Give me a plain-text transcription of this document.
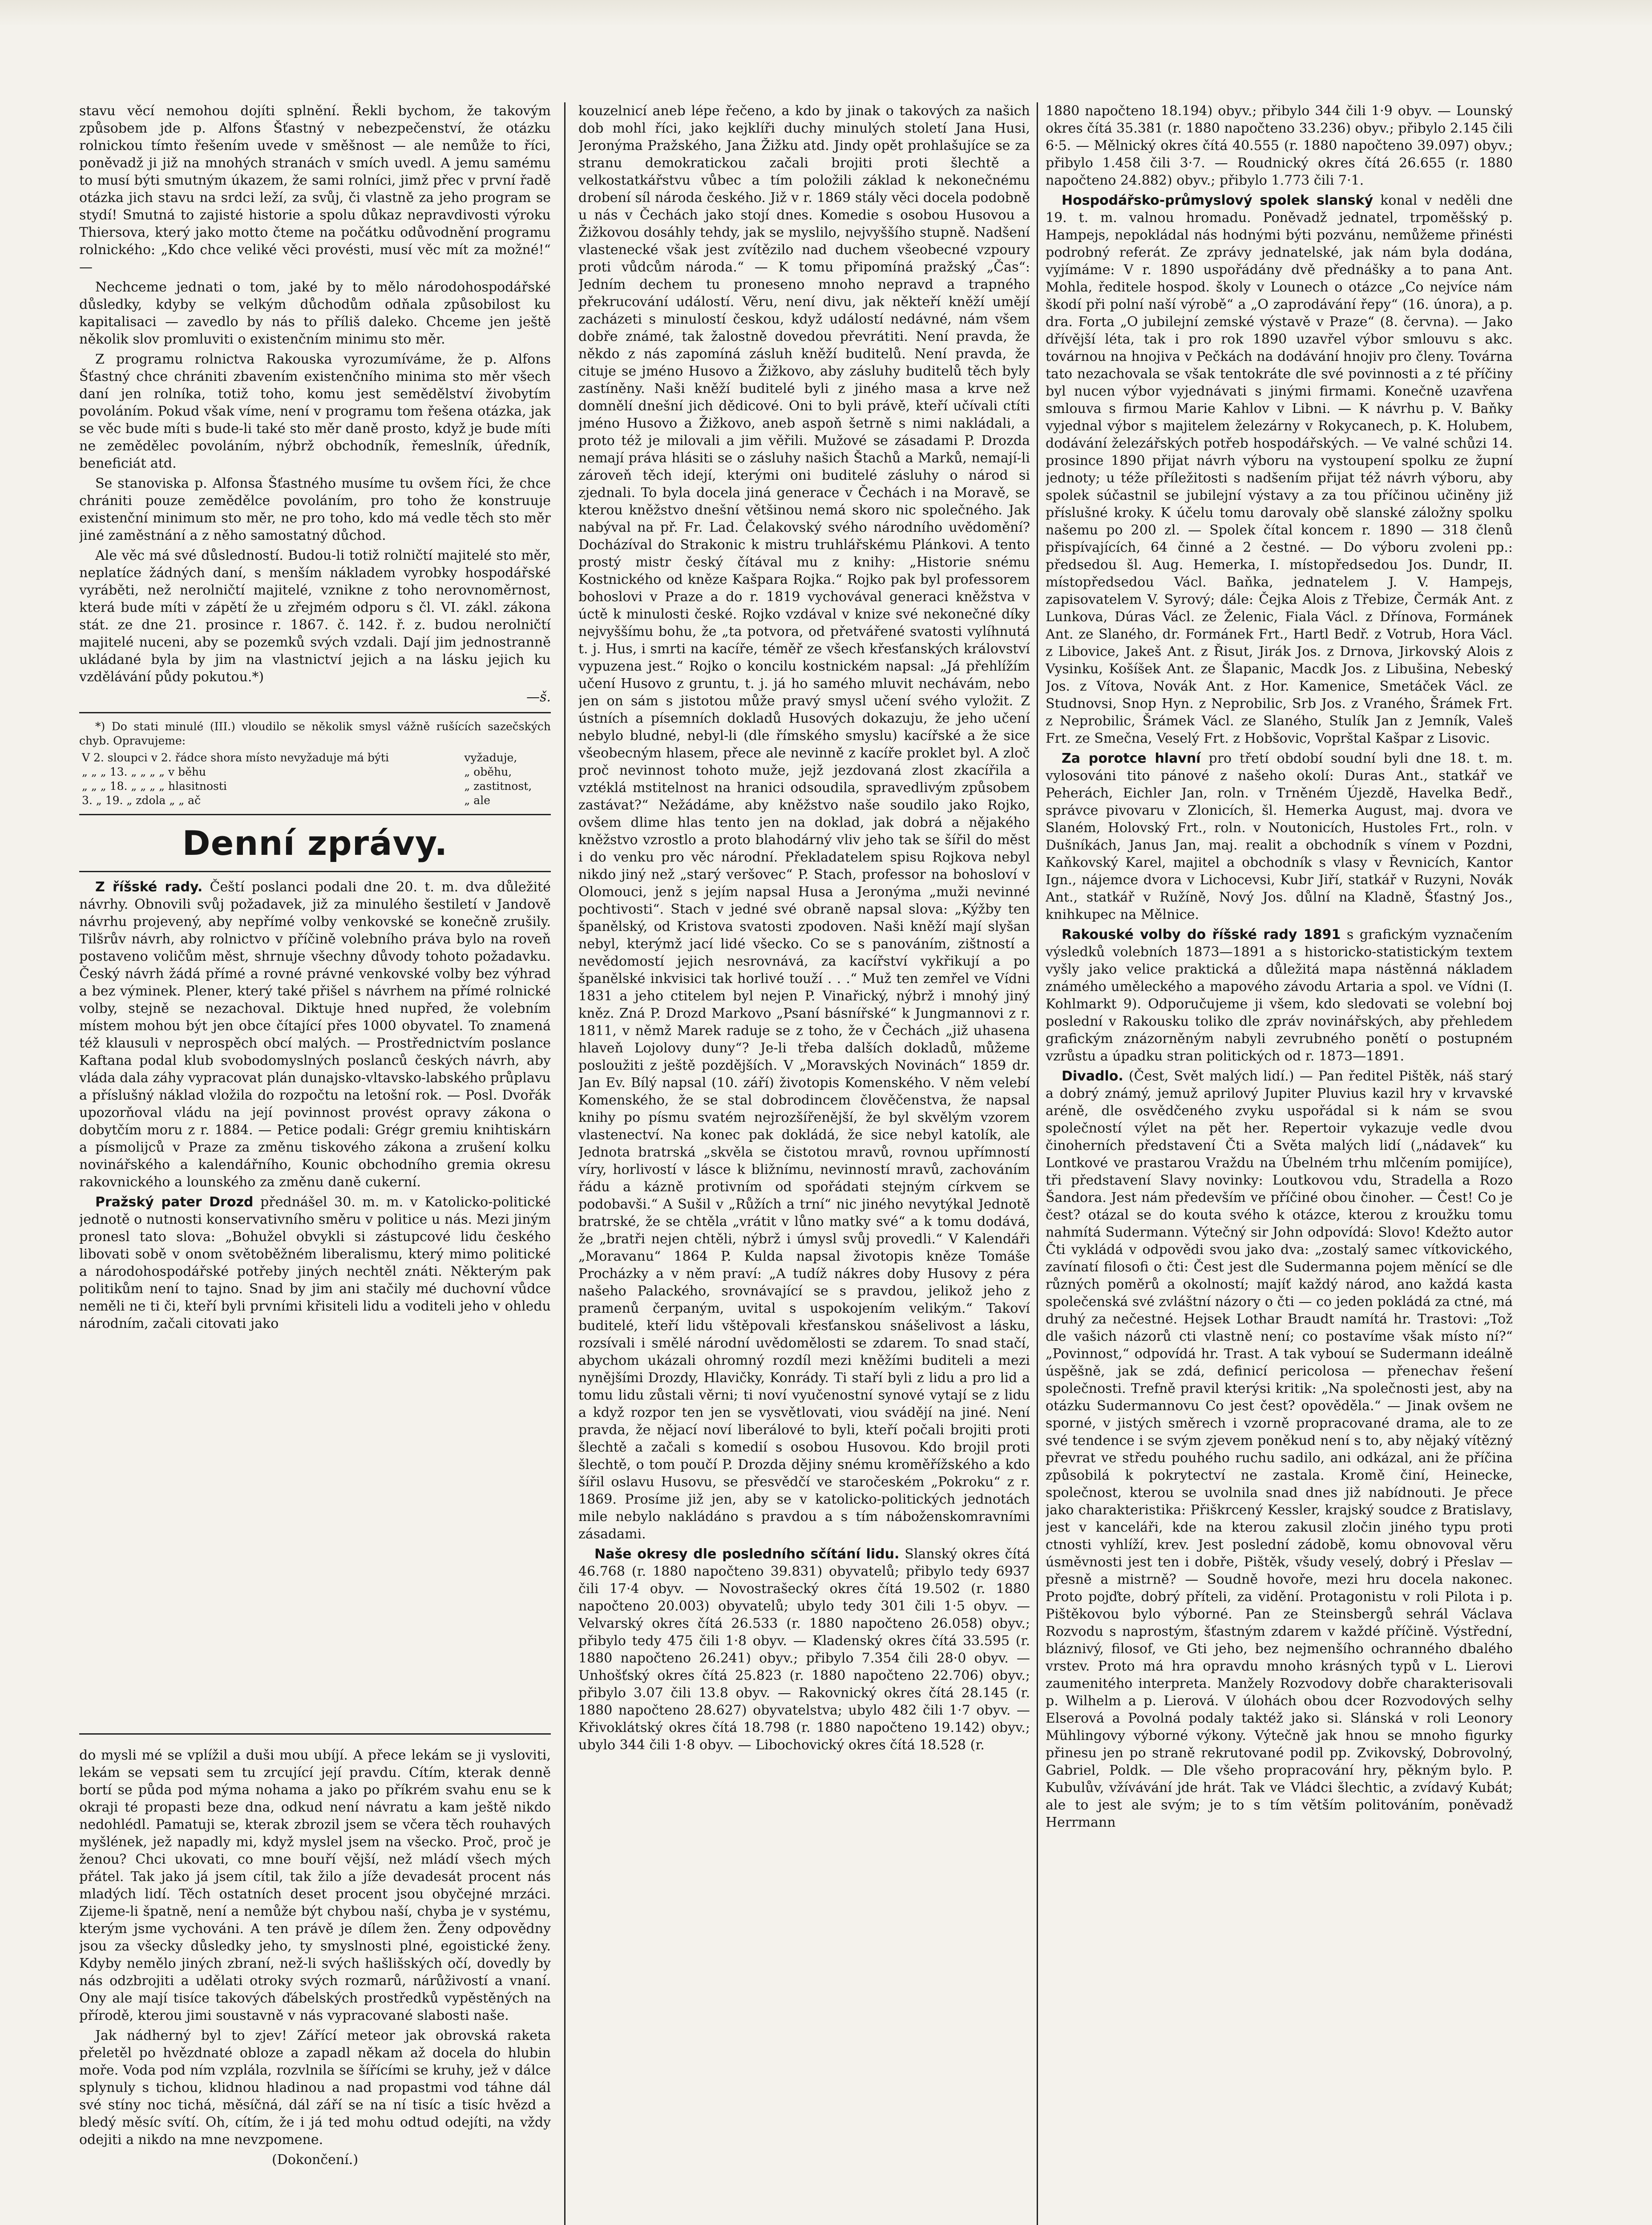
stavu věcí nemohou dojíti splnění. Řekli bychom, že takovým způsobem jde p. Alfons Šťastný v nebezpečenství, že otázku rolnickou tímto řešením uvede v směšnost — ale nemůže to říci, poněvadž ji již na mnohých stranách v smích uvedl. A jemu samému to musí býti smutným úkazem, že sami rolníci, jimž přec v první řadě otázka jich stavu na srdci leží, za svůj, či vlastně za jeho program se stydí! Smutná to zajisté historie a spolu důkaz nepravdivosti výroku Thiersova, který jako motto čteme na počátku odůvodnění programu rolnického: „Kdo chce veliké věci provésti, musí věc mít za možné!“ —

Nechceme jednati o tom, jaké by to mělo národohospodářské důsledky, kdyby se velkým důchodům odňala způsobilost ku kapitalisaci — zavedlo by nás to příliš daleko. Chceme jen ještě několik slov promluviti o existenčním minimu sto měr.

Z programu rolnictva Rakouska vyrozumíváme, že p. Alfons Šťastný chce chrániti zbavením existenčního minima sto měr všech daní jen rolníka, totiž toho, komu jest semědělství živobytím povoláním. Pokud však víme, není v programu tom řešena otázka, jak se věc bude míti s bude-li také sto měr daně prosto, když je bude míti ne zemědělec povoláním, nýbrž obchodník, řemeslník, úředník, beneficiát atd.

Se stanoviska p. Alfonsa Šťastného musíme tu ovšem říci, že chce chrániti pouze zemědělce povoláním, pro toho že konstruuje existenční minimum sto měr, ne pro toho, kdo má vedle těch sto měr jiné zaměstnání a z něho samostatný důchod.

Ale věc má své důsledností. Budou-li totiž rolničtí majitelé sto měr, neplatíce žádných daní, s menším nákladem vyrobky hospodářské vyráběti, než nerolničtí majitelé, vznikne z toho nerovnoměrnost, která bude míti v zápětí že u zřejmém odporu s čl. VI. zákl. zákona stát. ze dne 21. prosince r. 1867. č. 142. ř. z. budou nerolničtí majitelé nuceni, aby se pozemků svých vzdali. Dají jim jednostranně ukládané byla by jim na vlastnictví jejich a na lásku jejich ku vzdělávání půdy pokutou.*)

—š.

*) Do stati minulé (III.) vloudilo se několik smysl vážně rušících sazečských chyb. Opravujeme:

V 2. sloupci v 2. řádce shora místo nevyžaduje má býti	vyžaduje,
„ „ „ 13. „ „ „ „ v běhu	„ oběhu,
„ „ „ 18. „ „ „ „ hlasitnosti	„ zastitnost,
3. „ 19. „ zdola „ „ ač	„ ale
Denní zprávy.

Z říšské rady. Čeští poslanci podali dne 20. t. m. dva důležité návrhy. Obnovili svůj požadavek, již za minulého šestiletí v Jandově návrhu projevený, aby nepřímé volby venkovské se konečně zrušily. Tilšrův návrh, aby rolnictvo v příčině volebního práva bylo na roveň postaveno voličům měst, shrnuje všechny důvody tohoto požadavku. Český návrh žádá přímé a rovné právné venkovské volby bez výhrad a bez výminek. Plener, který také přišel s návrhem na přímé rolnické volby, stejně se nezachoval. Diktuje hned nupřed, že volebním místem mohou být jen obce čítající přes 1000 obyvatel. To znamená též klausuli v neprospěch obcí malých. — Prostřednictvím poslance Kaftana podal klub svobodomyslných poslanců českých návrh, aby vláda dala záhy vypracovat plán dunajsko-vltavsko-labského průplavu a příslušný náklad vložila do rozpočtu na letošní rok. — Posl. Dvořák upozorňoval vládu na její povinnost provést opravy zákona o dobytčím moru z r. 1884. — Petice podali: Grégr gremiu knihtiskárn a písmolijců v Praze za změnu tiskového zákona a zrušení kolku novinářského a kalendářního, Kounic obchodního gremia okresu rakovnického a lounského za změnu daně cukerní.

Pražský pater Drozd přednášel 30. m. m. v Katolicko-politické jednotě o nutnosti konservativního směru v politice u nás. Mezi jiným pronesl tato slova: „Bohužel obvykli si zástupcové lidu českého libovati sobě v onom světoběžném liberalismu, který mimo politické a národohospodářské potřeby jiných nechtěl znáti. Některým pak politikům není to tajno. Snad by jim ani stačily mé duchovní vůdce neměli ne ti či, kteří byli prvními křisiteli lidu a voditeli jeho v ohledu národním, začali citovati jako

do mysli mé se vplížil a duši mou ubíjí. A přece lekám se ji vysloviti, lekám se vepsati sem tu zrcující její pravdu. Cítím, kterak denně bortí se půda pod mýma nohama a jako po příkrém svahu enu se k okraji té propasti beze dna, odkud není návratu a kam ještě nikdo nedohlédl. Pamatuji se, kterak zbrozil jsem se včera těch rouhavých myšlének, jež napadly mi, když myslel jsem na všecko. Proč, proč je ženou? Chci ukovati, co mne bouří vější, než mládí všech mých přátel. Tak jako já jsem cítil, tak žilo a jíže devadesát procent nás mladých lidí. Těch ostatních deset procent jsou obyčejné mrzáci. Zijeme-li špatně, není a nemůže být chybou naší, chyba je v systému, kterým jsme vychováni. A ten právě je dílem žen. Ženy odpovědny jsou za všecky důsledky jeho, ty smyslnosti plné, egoistické ženy. Kdyby nemělo jiných zbraní, než-li svých hašlišských očí, dovedly by nás odzbrojiti a udělati otroky svých rozmarů, nárůživostí a vnaní. Ony ale mají tisíce takových ďábelských prostředků vypěstěných na přírodě, kterou jimi soustavně v nás vypracované slabosti naše.

Jak nádherný byl to zjev! Zářící meteor jak obrovská raketa přeletěl po hvězdnaté obloze a zapadl někam až docela do hlubin moře. Voda pod ním vzplála, rozvlnila se šířícími se kruhy, jež v dálce splynuly s tichou, klidnou hladinou a nad propastmi vod táhne dál své stíny noc tichá, měsíčná, dál září se na ní tisíc a tisíc hvězd a bledý měsíc svítí. Oh, cítím, že i já ted mohu odtud odejíti, na vždy odejiti a nikdo na mne nevzpomene.

(Dokončení.)

kouzelnicí aneb lépe řečeno, a kdo by jinak o takových za našich dob mohl říci, jako kejklíři duchy minulých století Jana Husi, Jeronýma Pražského, Jana Žižku atd. Jindy opět prohlašujíce se za stranu demokratickou začali brojiti proti šlechtě a velkostatkářstvu vůbec a tím položili základ k nekonečnému drobení síl národa českého. Již v r. 1869 stály věci docela podobně u nás v Čechách jako stojí dnes. Komedie s osobou Husovou a Žižkovou dosáhly tehdy, jak se myslilo, nejvyššího stupně. Nadšení vlastenecké však jest zvítězilo nad duchem všeobecné vzpoury proti vůdcům národa.“ — K tomu připomíná pražský „Čas“: Jedním dechem tu proneseno mnoho nepravd a trapného překrucování událostí. Věru, není divu, jak někteří kněží umějí zacházeti s minulostí českou, když událostí nedávné, nám všem dobře známé, tak žalostně dovedou převrátiti. Není pravda, že někdo z nás zapomíná zásluh kněží buditelů. Není pravda, že cituje se jméno Husovo a Žižkovo, aby zásluhy buditelů těch byly zastíněny. Naši kněží buditelé byli z jiného masa a krve než domnělí dnešní jich dědicové. Oni to byli právě, kteří učívali ctíti jméno Husovo a Žižkovo, aneb aspoň šetrně s nimi nakládali, a proto též je milovali a jim věřili. Mužové se zásadami P. Drozda nemají práva hlásiti se o zásluhy našich Štachů a Marků, nemají-li zároveň těch idejí, kterými oni buditelé zásluhy o národ si zjednali. To byla docela jiná generace v Čechách i na Moravě, se kterou kněžstvo dnešní většinou nemá skoro nic společného. Jak nabýval na př. Fr. Lad. Čelakovský svého národního uvědomění? Docházíval do Strakonic k mistru truhlářskému Plánkovi. A tento prostý mistr český čítával mu z knihy: „Historie snému Kostnického od kněze Kašpara Rojka.“ Rojko pak byl professorem bohoslovi v Praze a do r. 1819 vychovával generaci kněžstva v úctě k minulosti české. Rojko vzdával v knize své nekonečné díky nejvyššímu bohu, že „ta potvora, od přetvářené svatosti vylíhnutá t. j. Hus, i smrti na kacíře, téměř ze všech křesťanských království vypuzena jest.“ Rojko o koncilu kostnickém napsal: „Já přehlížím učení Husovo z gruntu, t. j. já ho samého mluvit nechávám, nebo jen on sám s jistotou může pravý smysl učení svého vyložit. Z ústních a písemních dokladů Husových dokazuju, že jeho učení nebylo bludné, nebyl-li (dle římského smyslu) kacířské a že sice všeobecným hlasem, přece ale nevinně z kacíře proklet byl. A zloč proč nevinnost tohoto muže, jejž jezdovaná zlost zkacířila a vztéklá mstitelnost na hranici odsoudila, spravedlivým způsobem zastávat?“ Nežádáme, aby kněžstvo naše soudilo jako Rojko, ovšem dlime hlas tento jen na doklad, jak dobrá a nějakého kněžstvo vzrostlo a proto blahodárný vliv jeho tak se šířil do měst i do venku pro věc národní. Překladatelem spisu Rojkova nebyl nikdo jiný než „starý veršovec“ P. Stach, professor na bohosloví v Olomouci, jenž s jejím napsal Husa a Jeronýma „muži nevinné pochtivosti“. Stach v jedné své obraně napsal slova: „Kýžby ten španělský, od Kristova svatosti zpodoven. Naši kněží mají slyšan nebyl, kterýmž jací lidé všecko. Co se s panováním, zištností a nevědomostí jejich nesrovnává, za kacířství vykřikují a po španělské inkvisici tak horlivé touží . . .“ Muž ten zemřel ve Vídni 1831 a jeho ctitelem byl nejen P. Vinařický, nýbrž i mnohý jiný kněz. Zná P. Drozd Markovo „Psaní básnířské“ k Jungmannovi z r. 1811, v němž Marek raduje se z toho, že v Čechách „již uhasena hlaveň Lojolovy duny“? Je-li třeba dalších dokladů, můžeme posloužiti z ještě pozdějších. V „Moravských Novinách“ 1859 dr. Jan Ev. Bílý napsal (10. září) životopis Komenského. V něm velebí Komenského, že se stal dobrodincem člověčenstva, že napsal knihy po písmu svatém nejrozšířenější, že byl skvělým vzorem vlastenectví. Na konec pak dokládá, že sice nebyl katolík, ale Jednota bratrská „skvěla se čistotou mravů, rovnou upřímností víry, horlivostí v lásce k bližnímu, nevinností mravů, zachováním řádu a kázně protivním od spořádati stejným církvem se podobavši.“ A Sušil v „Růžích a trní“ nic jiného nevytýkal Jednotě bratrské, že se chtěla „vrátit v lůno matky své“ a k tomu dodává, že „bratři nejen chtěli, nýbrž i úmysl svůj provedli.“ V Kalendáři „Moravanu“ 1864 P. Kulda napsal životopis kněze Tomáše Procházky a v něm praví: „A tudíž nákres doby Husovy z péra našeho Palackého, srovnávající se s pravdou, jelikož jeho z pramenů čerpaným, uvital s uspokojením velikým.“ Takoví buditelé, kteří lidu vštěpovali křesťanskou snášelivost a lásku, rozsívali i smělé národní uvědomělosti se zdarem. To snad stačí, abychom ukázali ohromný rozdíl mezi kněžími buditeli a mezi nynějšími Drozdy, Hlavičky, Konrády. Ti staří byli z lidu a pro lid a tomu lidu zůstali věrni; ti noví vyučenostní synové vytají se z lidu a když rozpor ten jen se vysvětlovati, viou svádějí na jiné. Není pravda, že nějací noví liberálové to byli, kteří počali brojiti proti šlechtě a začali s komedií s osobou Husovou. Kdo brojil proti šlechtě, o tom poučí P. Drozda dějiny snému kroměřížského a kdo šířil oslavu Husovu, se přesvědčí ve staročeském „Pokroku“ z r. 1869. Prosíme již jen, aby se v katolicko-politických jednotách mile nebylo nakládáno s pravdou a s tím náboženskomravními zásadami.

Naše okresy dle posledního sčítání lidu. Slanský okres čítá 46.768 (r. 1880 napočteno 39.831) obyvatelů; přibylo tedy 6937 čili 17·4 obyv. — Novostrašecký okres čítá 19.502 (r. 1880 napočteno 20.003) obyvatelů; ubylo tedy 301 čili 1·5 obyv. — Velvarský okres čítá 26.533 (r. 1880 napočteno 26.058) obyv.; přibylo tedy 475 čili 1·8 obyv. — Kladenský okres čítá 33.595 (r. 1880 napočteno 26.241) obyv.; přibylo 7.354 čili 28·0 obyv. — Unhošťský okres čítá 25.823 (r. 1880 napočteno 22.706) obyv.; přibylo 3.07 čili 13.8 obyv. — Rakovnický okres čítá 28.145 (r. 1880 napočteno 28.627) obyvatelstva; ubylo 482 čili 1·7 obyv. — Křivoklátský okres čítá 18.798 (r. 1880 napočteno 19.142) obyv.; ubylo 344 čili 1·8 obyv. — Libochovický okres čítá 18.528 (r.

1880 napočteno 18.194) obyv.; přibylo 344 čili 1·9 obyv. — Lounský okres čítá 35.381 (r. 1880 napočteno 33.236) obyv.; přibylo 2.145 čili 6·5. — Mělnický okres čítá 40.555 (r. 1880 napočteno 39.097) obyv.; přibylo 1.458 čili 3·7. — Roudnický okres čítá 26.655 (r. 1880 napočteno 24.882) obyv.; přibylo 1.773 čili 7·1.

Hospodářsko-průmyslový spolek slanský konal v neděli dne 19. t. m. valnou hromadu. Poněvadž jednatel, trpoměšský p. Hampejs, nepokládal nás hodnými býti pozvánu, nemůžeme přinésti podrobný referát. Ze zprávy jednatelské, jak nám byla dodána, vyjímáme: V r. 1890 uspořádány dvě přednášky a to pana Ant. Mohla, ředitele hospod. školy v Lounech o otázce „Co nejvíce nám škodí při polní naší výrobě“ a „O zaprodávání řepy“ (16. února), a p. dra. Forta „O jubilejní zemské výstavě v Praze“ (8. června). — Jako dřívější léta, tak i pro rok 1890 uzavřel výbor smlouvu s akc. továrnou na hnojiva v Pečkách na dodávání hnojiv pro členy. Továrna tato nezachovala se však tentokráte dle své povinnosti a z té příčiny byl nucen výbor vyjednávati s jinými firmami. Konečně uzavřena smlouva s firmou Marie Kahlov v Libni. — K návrhu p. V. Baňky vyjednal výbor s majitelem železárny v Rokycanech, p. K. Holubem, dodávání železářských potřeb hospodářských. — Ve valné schůzi 14. prosince 1890 přijat návrh výboru na vystoupení spolku ze župní jednoty; u téže příležitosti s nadšením přijat též návrh výboru, aby spolek súčastnil se jubilejní výstavy a za tou příčinou učiněny již příslušné kroky. K účelu tomu darovaly obě slanské záložny spolku našemu po 200 zl. — Spolek čítal koncem r. 1890 — 318 členů přispívajících, 64 činné a 2 čestné. — Do výboru zvoleni pp.: předsedou šl. Aug. Hemerka, I. místopředsedou Jos. Dundr, II. místopředsedou Václ. Baňka, jednatelem J. V. Hampejs, zapisovatelem V. Syrový; dále: Čejka Alois z Třebize, Čermák Ant. z Lunkova, Dúras Václ. ze Želenic, Fiala Václ. z Dřínova, Formánek Ant. ze Slaného, dr. Formánek Frt., Hartl Bedř. z Votrub, Hora Václ. z Libovice, Jakeš Ant. z Řisut, Jirák Jos. z Drnova, Jirkovský Alois z Vysinku, Košíšek Ant. ze Šlapanic, Macdk Jos. z Libušina, Nebeský Jos. z Vítova, Novák Ant. z Hor. Kamenice, Smetáček Václ. ze Studnovsi, Snop Hyn. z Neprobilic, Srb Jos. z Vraného, Šrámek Frt. z Neprobilic, Šrámek Václ. ze Slaného, Stulík Jan z Jemník, Valeš Frt. ze Smečna, Veselý Frt. z Hobšovic, Voprštal Kašpar z Lisovic.

Za porotce hlavní pro třetí období soudní byli dne 18. t. m. vylosováni tito pánové z našeho okolí: Duras Ant., statkář ve Peherách, Eichler Jan, roln. v Trněném Újezdě, Havelka Bedř., správce pivovaru v Zlonicích, šl. Hemerka August, maj. dvora ve Slaném, Holovský Frt., roln. v Noutonicích, Hustoles Frt., roln. v Dušníkách, Janus Jan, maj. realit a obchodník s vínem v Pozdni, Kaňkovský Karel, majitel a obchodník s vlasy v Řevnicích, Kantor Ign., nájemce dvora v Lichocevsi, Kubr Jiří, statkář v Ruzyni, Novák Ant., statkář v Ružíně, Nový Jos. důlní na Kladně, Šťastný Jos., knihkupec na Mělnice.

Rakouské volby do říšské rady 1891 s grafickým vyznačením výsledků volebních 1873—1891 a s historicko-statistickým textem vyšly jako velice praktická a důležitá mapa nástěnná nákladem známého uměleckého a mapového závodu Artaria a spol. ve Vídni (I. Kohlmarkt 9). Odporučujeme ji všem, kdo sledovati se volební boj poslední v Rakousku toliko dle zpráv novinářských, aby přehledem grafickým znázorněným nabyli zevrubného ponětí o postupném vzrůstu a úpadku stran politických od r. 1873—1891.

Divadlo. (Čest, Svět malých lidí.) — Pan ředitel Pištěk, náš starý a dobrý známý, jemuž aprilový Jupiter Pluvius kazil hry v krvavské aréně, dle osvědčeného zvyku uspořádal si k nám se svou společností výlet na pět her. Repertoir vykazuje vedle dvou činoherních představení Čti a Světa malých lidí („nádavek“ ku Lontkové ve prastarou Vraždu na Úbelném trhu mlčením pomijíce), tři představení Slavy novinky: Loutkovou vdu, Stradella a Rozo Šandora. Jest nám především ve příčiné obou činoher. — Čest! Co je čest? otázal se do kouta svého k otázce, kterou z kroužku tomu nahmítá Sudermann. Výtečný sir John odpovídá: Slovo! Kdežto autor Čti vykládá v odpovědi svou jako dva: „zostalý samec vítkovického, zavínatí filosofi o čti: Čest jest dle Sudermanna pojem měnící se dle různých poměrů a okolností; majíť každý národ, ano každá kasta společenská své zvláštní názory o čti — co jeden pokládá za ctné, má druhý za nečestné. Hejsek Lothar Braudt namítá hr. Trastovi: „Tož dle vašich názorů cti vlastně není; co postavíme však místo ní?“ „Povinnost,“ odpovídá hr. Trast. A tak vybouí se Sudermann ideálně úspěšně, jak se zdá, definicí pericolosa — přenechav řešení společnosti. Trefně pravil kterýsi kritik: „Na společnosti jest, aby na otázku Sudermannovu Co jest čest? opověděla.“ — Jinak ovšem ne sporné, v jistých směrech i vzorně propracované drama, ale to ze své tendence i se svým zjevem poněkud není s to, aby nějaký vítězný převrat ve středu pouhého ruchu sadilo, ani odkázal, ani že příčina způsobilá k pokrytectví ne zastala. Kromě činí, Heinecke, společnost, kterou se uvolnila snad dnes již nabídnouti. Je přece jako charakteristika: Přiškrcený Kessler, krajský soudce z Bratislavy, jest v kanceláři, kde na kterou zakusil zločin jiného typu proti ctnosti vyhlíží, krev. Jest poslední zádobě, komu obnovoval věru úsměvnosti jest ten i dobře, Pištěk, všudy veselý, dobrý i Přeslav — přesně a mistrně? — Soudně hovoře, mezi hru docela nakonec. Proto pojďte, dobrý příteli, za vidění. Protagonistu v roli Pilota i p. Pištěkovou bylo výborné. Pan ze Steinsbergů sehrál Václava Rozvodu s naprostým, šťastným zdarem v každé příčině. Výstřední, bláznivý, filosof, ve Gti jeho, bez nejmenšího ochranného dbalého vrstev. Proto má hra opravdu mnoho krásných typů v L. Lierovi zaumenitého interpreta. Manžely Rozvodovy dobře charakterisovali p. Wilhelm a p. Lierová. V úlohách obou dcer Rozvodových selhy Elserová a Povolná podaly taktéž jako si. Slánská v roli Leonory Mühlingovy výborné výkony. Výtečně jak hnou se mnoho figurky přinesu jen po straně rekrutované podil pp. Zvikovský, Dobrovolný, Gabriel, Poldk. — Dle všeho propracování hry, pěkným bylo. P. Kubulův, vžívávání jde hrát. Tak ve Vládci šlechtic, a zvídavý Kubát; ale to jest ale svým; je to s tím větším politováním, poněvadž Herrmann
